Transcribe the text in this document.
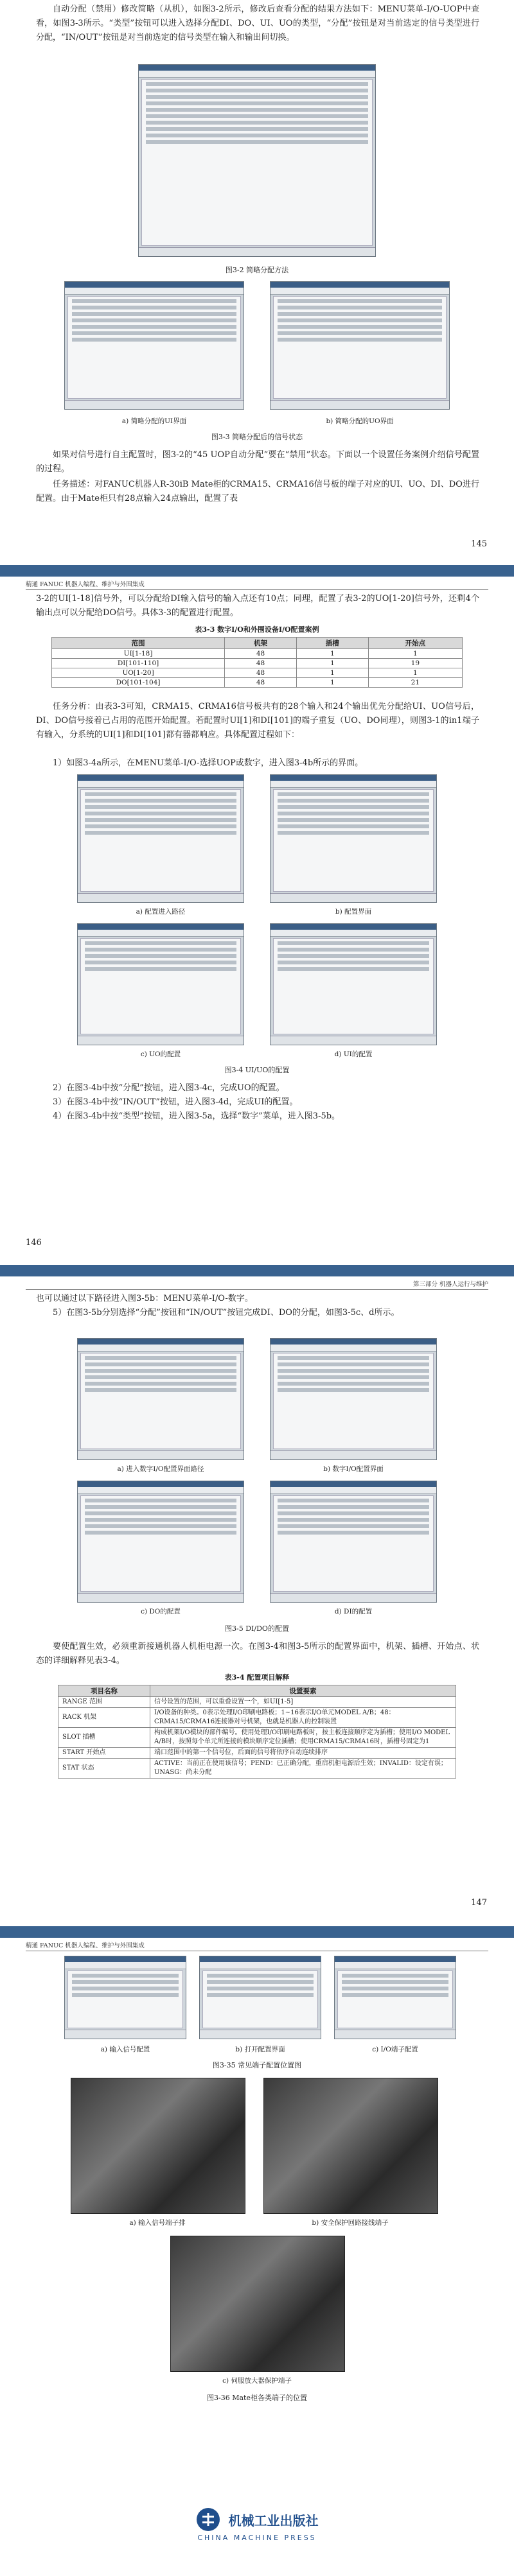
自动分配（禁用）修改简略（从机），如图3-2所示，修改后查看分配的结果方法如下：MENU菜单-I/O-UOP中查看，如图3-3所示。“类型”按钮可以进入选择分配DI、DO、UI、UO的类型，“分配”按钮是对当前选定的信号类型进行分配，“IN/OUT”按钮是对当前选定的信号类型在输入和输出间切换。

图3-2 简略分配方法

a) 简略分配的UI界面	b) 简略分配的UO界面

图3-3 简略分配后的信号状态

如果对信号进行自主配置时，图3-2的“45 UOP自动分配”要在“禁用”状态。下面以一个设置任务案例介绍信号配置的过程。

任务描述：对FANUC机器人R-30iB Mate柜的CRMA15、CRMA16信号板的端子对应的UI、UO、DI、DO进行配置。由于Mate柜只有28点输入24点输出，配置了表

145
精通 FANUC 机器人编程、维护与外围集成

3-2的UI[1-18]信号外，可以分配给DI输入信号的输入点还有10点；同理，配置了表3-2的UO[1-20]信号外，还剩4个输出点可以分配给DO信号。具体3-3的配置进行配置。

表3-3 数字I/O和外围设备I/O配置案例

范围	机架	插槽	开始点
UI[1-18]	48	1	1
DI[101-110]	48	1	19
UO[1-20]	48	1	1
DO[101-104]	48	1	21

任务分析：由表3-3可知，CRMA15、CRMA16信号板共有的28个输入和24个输出优先分配给UI、UO信号后，DI、DO信号接着已占用的范围开始配置。若配置时UI[1]和DI[101]的端子重复（UO、DO同理），则图3-1的in1端子有输入，分系统的UI[1]和DI[101]都有器都响应。具体配置过程如下：

1）如图3-4a所示，在MENU菜单-I/O-选择UOP或数字，进入图3-4b所示的界面。

a) 配置进入路径	b) 配置界面
c) UO的配置	d) UI的配置

图3-4 UI/UO的配置

2）在图3-4b中按“分配”按钮，进入图3-4c，完成UO的配置。

3）在图3-4b中按“IN/OUT”按钮，进入图3-4d，完成UI的配置。

4）在图3-4b中按“类型”按钮，进入图3-5a，选择“数字”菜单，进入图3-5b。

146
第三部分 机器人运行与维护

也可以通过以下路径进入图3-5b：MENU菜单-I/O-数字。

5）在图3-5b分别选择“分配”按钮和“IN/OUT”按钮完成DI、DO的分配，如图3-5c、d所示。

a) 进入数字I/O配置界面路径	b) 数字I/O配置界面
c) DO的配置	d) DI的配置

图3-5 DI/DO的配置

要使配置生效，必须重新接通机器人机柜电源一次。在图3-4和图3-5所示的配置界面中，机架、插槽、开始点、状态的详细解释见表3-4。

表3-4 配置项目解释

项目名称	设置要素
RANGE 范围	信号设置的范围，可以重叠设置一个，如UI[1-5]
RACK 机架	I/O设备的种类。0表示处理I/O印刷电路板；1~16表示I/O单元MODEL A/B；48：CRMA15/CRMA16连接器对号机架，也就是机器人的控制装置
SLOT 插槽	构成机架I/O模块的部件编号。使用处理I/O印刷电路板时，按主板连接顺序定为插槽；使用I/O MODEL A/B时，按照每个单元所连接的模块顺序定位插槽；使用CRMA15/CRMA16时，插槽号固定为1
START 开始点	端口范围中的第一个信号位，后面的信号将依序自动连续排序
STAT 状态	ACTIVE：当前正在使用该信号；PEND：已正确分配，重启机柜电源后生效；INVALID：设定有误；UNASG：尚未分配
147
精通 FANUC 机器人编程、维护与外围集成
a) 输入信号配置	b) 打开配置界面	c) I/O端子配置

图3-35 常见端子配置位置图

a) 输入信号端子排	b) 安全保护回路接线端子
c) 伺服放大器保护端子

图3-36 Mate柜各类端子的位置

机械工业出版社
CHINA MACHINE PRESS
